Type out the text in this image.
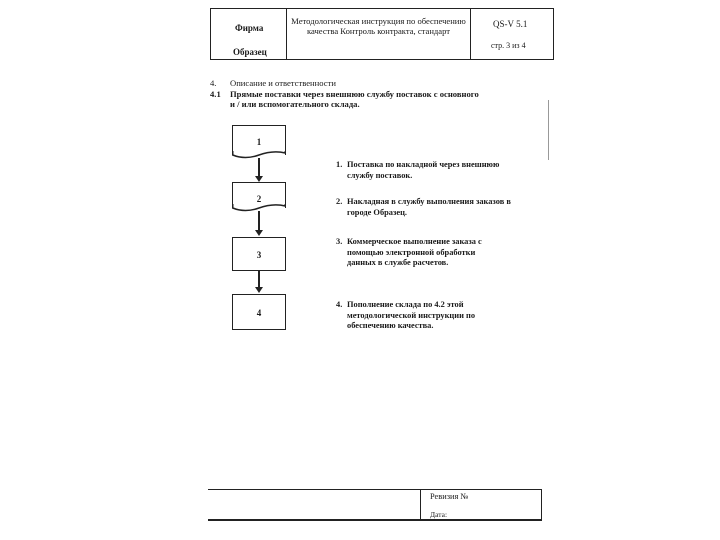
Фирма
Образец
Методологическая инструкция по обеспечению качества Контроль контракта, стандарт
QS-V 5.1
стр. 3 из 4
4. Описание и ответственности
4.1 Прямые поставки через внешнюю службу поставок с основного
и / или вспомогательного склада.
1
2
3
4
1. Поставка по накладной через внешнюю службу поставок.
2. Накладная в службу выполнения заказов в городе Образец.
3. Коммерческое выполнение заказа с помощью электронной обработки данных в службе расчетов.
4. Пополнение склада по 4.2 этой методологической инструкции по обеспечению качества.
Ревизия №
Дата:
